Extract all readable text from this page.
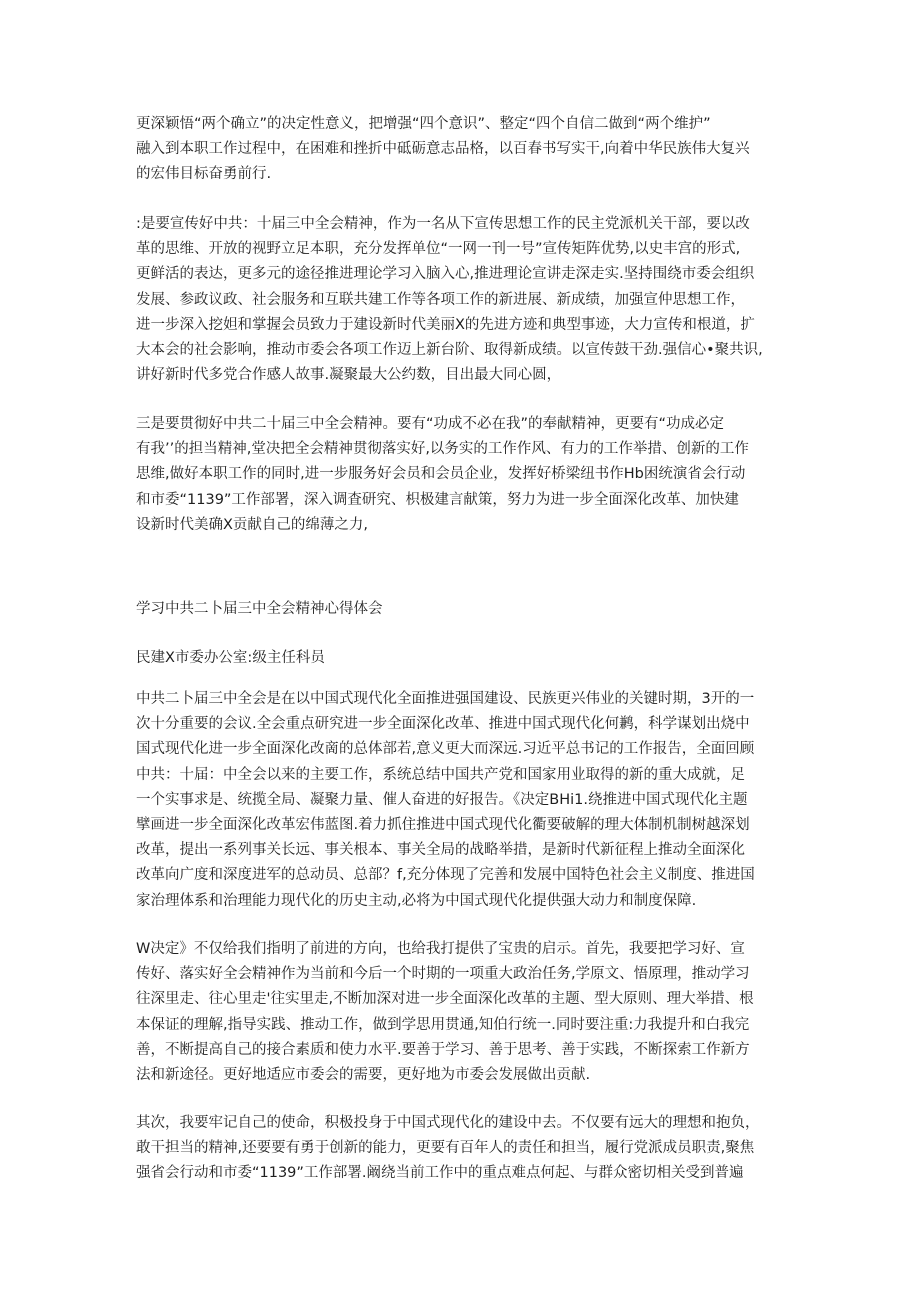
更深颖悟“两个确立”的决定性意义，把增强“四个意识”、整定“四个自信二做到“两个维护”
融入到本职工作过程中，在困难和挫折中砥砺意志品格，以百春书写实干,向着中华民族伟大复兴
的宏伟目标奋勇前行.
:是要宣传好中共：十届三中全会精神，作为一名从下宣传思想工作的民主党派机关干部，要以改
革的思维、开放的视野立足本职，充分发挥单位“一网一刊一号”宣传矩阵优势,以史丰宫的形式,
更鲜活的表达，更多元的途径推进理论学习入脑入心,推进理论宣讲走深走实.坚持围绕市委会组织
发展、参政议政、社会服务和互联共建工作等各项工作的新进展、新成绩，加强宣仲思想工作，
进一步深入挖妲和掌握会员致力于建设新时代美丽X的先进方迹和典型事迹，大力宣传和根道，扩
大本会的社会影响，推动市委会各项工作迈上新台阶、取得新成绩。以宣传鼓干劲.强信心•聚共识,
讲好新时代多党合作感人故事.凝聚最大公约数，目出最大同心圆，
三是要贯彻好中共二十届三中全会精神。要有“功成不必在我”的奉献精神，更要有“功成必定
有我’’的担当精神,堂决把全会精神贯彻落实好,以务实的工作作风、有力的工作举措、创新的工作
思维,做好本职工作的同时,进一步服务好会员和会员企业，发挥好桥梁纽书作Hb困统演省会行动
和市委“1139”工作部署，深入调査研究、枳极建言献策，努力为进一步全面深化改革、加快建
设新时代美确X贡献自己的绵薄之力,
学习中共二卜届三中全会精神心得体会
民建X市委办公室:级主任科员
中共二卜届三中全会是在以中国式现代化全面推进强国建设、民族更兴伟业的关键时期，3开的一
次十分重要的会议.全会重点研究进一步全面深化改革、推进中国式现代化何鹣，科学谋划出烧中
国式现代化进一步全面深化改啇的总体部若,意义更大而深远.习近平总书记的工作报告，全面回顾
中共：十届：中全会以来的主要工作，系统总结中国共产党和国家用业取得的新的重大成就，足
一个实事求是、统揽全局、凝聚力量、催人奋进的好报告。《决定BHi1.绕推进中国式现代化主题
擘画进一步全面深化改革宏伟蓝图.着力抓住推进中国式现代化衢要破解的理大体制机制树越深划
改革，提出一系列事关长远、事关根本、事关全局的战略举措，是新时代新征程上推动全面深化
改革向广度和深度进军的总动员、总部？f,充分体现了完善和发展中国特色社会主义制度、推进国
家治理体系和治理能力现代化的历史主动,必将为中国式现代化提供强大动力和制度保障.
W决定》不仅给我们指明了前进的方向，也给我打提供了宝贵的启示。首先，我要把学习好、宣
传好、落实好全会精神作为当前和今后一个时期的一项重大政治任务,学原文、悟原理，推动学习
往深里走、往心里走'往实里走,不断加深对进一步全面深化改革的主题、型大原则、理大举措、根
本保证的理解,指导实践、推动工作，做到学思用贯通,知伯行统一.同时要注重:力我提升和白我完
善，不断提高自己的接合素质和使力水平.要善于学习、善于思考、善于实践，不断探索工作新方
法和新途径。更好地适应市委会的需要，更好地为市委会发展做出贡献.
其次，我要牢记自己的使命，积极投身于中国式现代化的建设中去。不仅要有远大的理想和抱负，
敢干担当的精神,还要要有勇于创新的能力，更要有百年人的责任和担当，履行党派成员职责,聚焦
强省会行动和市委“1139”工作部署.阚绕当前工作中的重点难点何起、与群众密切相关受到普遍
